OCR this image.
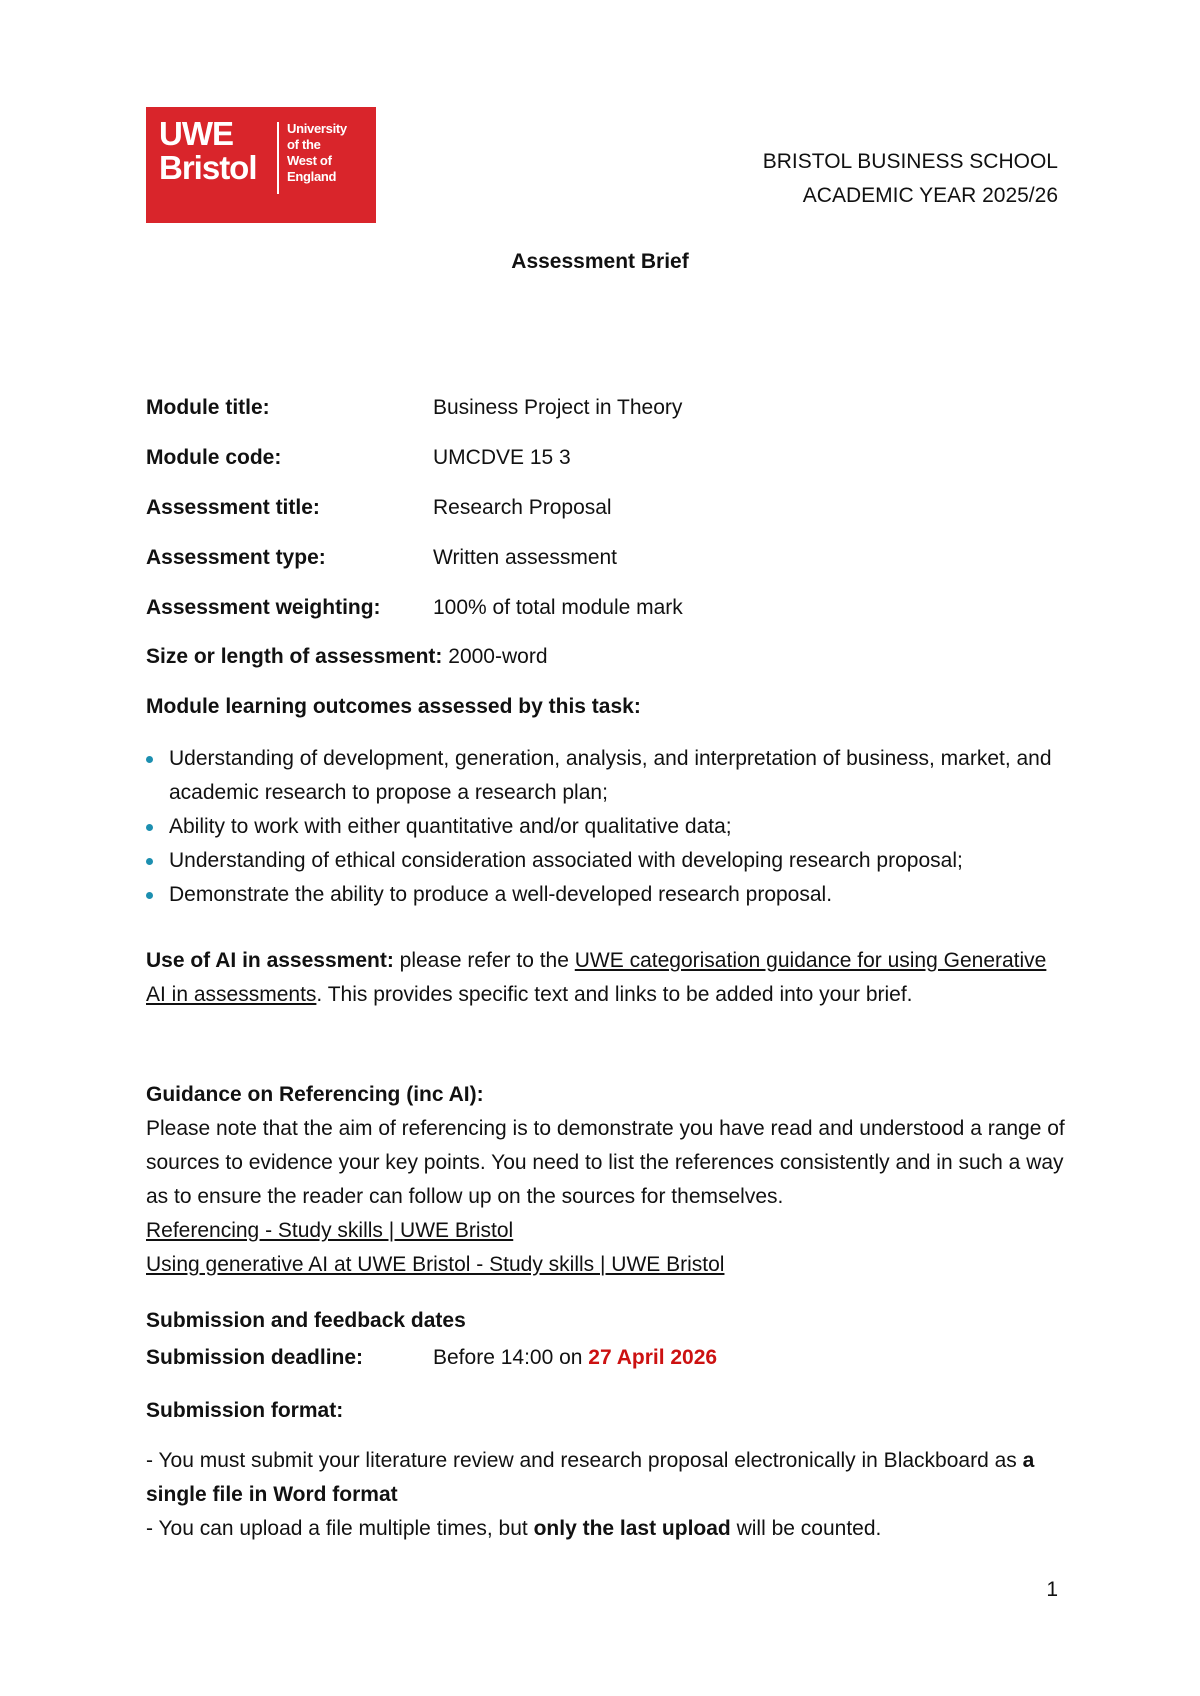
UWE
Bristol
University
of the
West of
England
BRISTOL BUSINESS SCHOOL
ACADEMIC YEAR 2025/26
Assessment Brief
Module title:	Business Project in Theory
Module code:	UMCDVE 15 3
Assessment title:	Research Proposal
Assessment type:	Written assessment
Assessment weighting: 100% of total module mark
Size or length of assessment: 2000-word
Module learning outcomes assessed by this task:
Uderstanding of development, generation, analysis, and interpretation of business, market, and academic research to propose a research plan;
Ability to work with either quantitative and/or qualitative data;
Understanding of ethical consideration associated with developing research proposal;
Demonstrate the ability to produce a well-developed research proposal.
Use of AI in assessment: please refer to the UWE categorisation guidance for using Generative AI in assessments. This provides specific text and links to be added into your brief.
Guidance on Referencing (inc AI):
Please note that the aim of referencing is to demonstrate you have read and understood a range of sources to evidence your key points. You need to list the references consistently and in such a way as to ensure the reader can follow up on the sources for themselves.
Referencing - Study skills | UWE Bristol
Using generative AI at UWE Bristol - Study skills | UWE Bristol
Submission and feedback dates
Submission deadline:	Before 14:00 on 27 April 2026
Submission format:
- You must submit your literature review and research proposal electronically in Blackboard as a single file in Word format
- You can upload a file multiple times, but only the last upload will be counted.
1
